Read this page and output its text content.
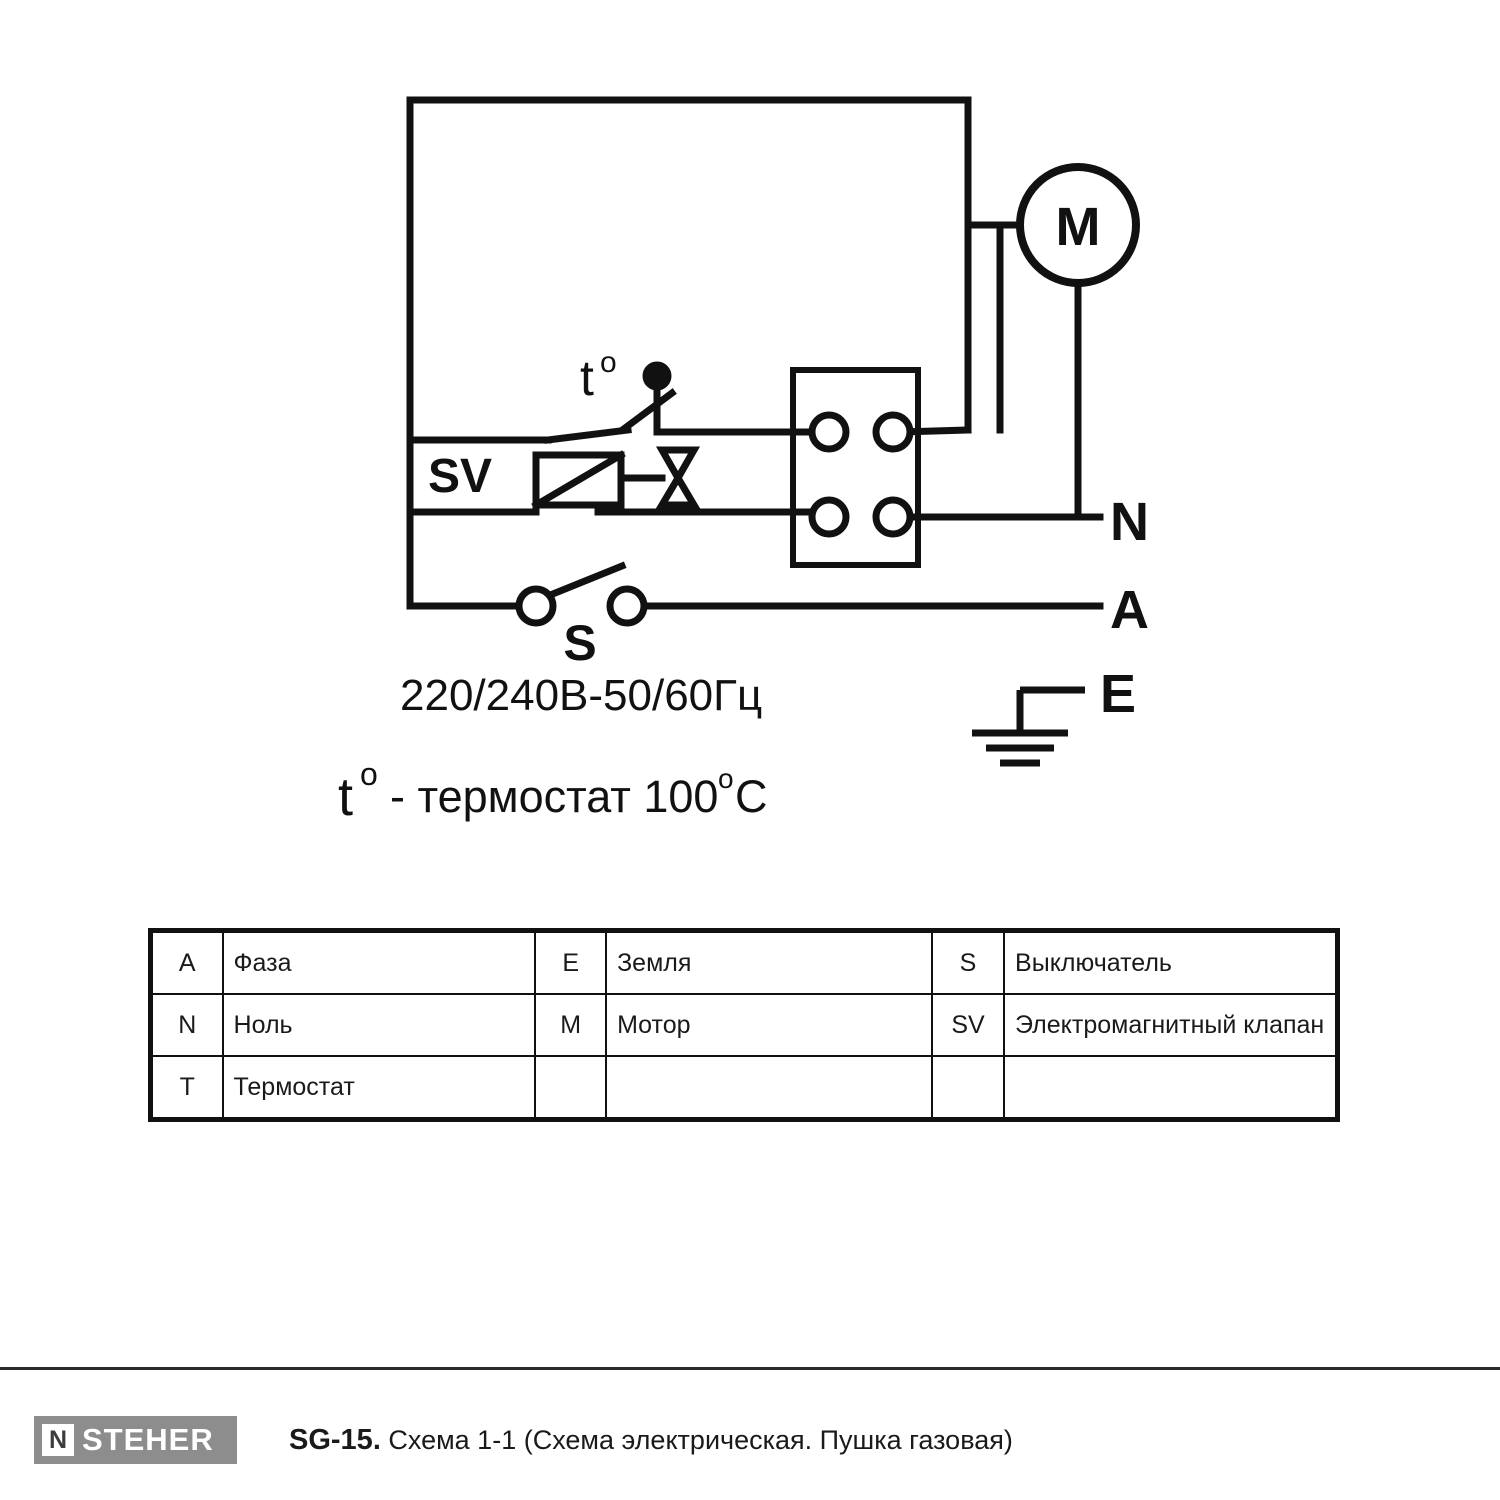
M
SV
t o
S
N
A
E
220/240В-50/60Гц
t o - термостат 100 o C
A	Фаза	E	Земля	S	Выключатель
N	Ноль	M	Мотор	SV	Электромагнитный клапан
T	Термостат				
N STEHER	SG-15. Схема 1-1 (Схема электрическая. Пушка газовая)
